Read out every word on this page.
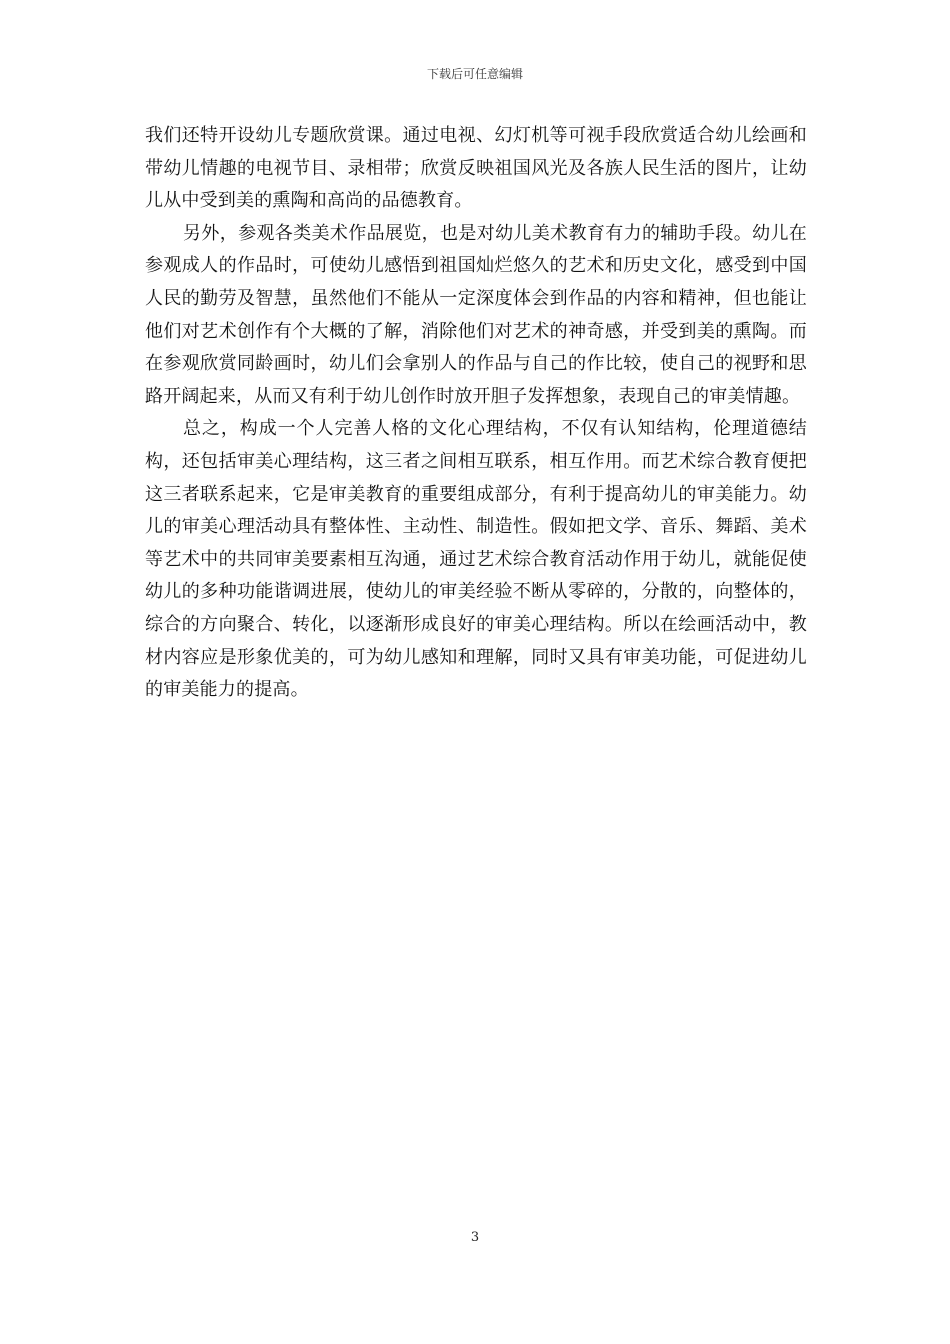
下载后可任意编辑

我们还特开设幼儿专题欣赏课。通过电视、幻灯机等可视手段欣赏适合幼儿绘画和带幼儿情趣的电视节目、录相带；欣赏反映祖国风光及各族人民生活的图片，让幼儿从中受到美的熏陶和高尚的品德教育。

另外，参观各类美术作品展览，也是对幼儿美术教育有力的辅助手段。幼儿在参观成人的作品时，可使幼儿感悟到祖国灿烂悠久的艺术和历史文化，感受到中国人民的勤劳及智慧，虽然他们不能从一定深度体会到作品的内容和精神，但也能让他们对艺术创作有个大概的了解，消除他们对艺术的神奇感，并受到美的熏陶。而在参观欣赏同龄画时，幼儿们会拿别人的作品与自己的作比较，使自己的视野和思路开阔起来，从而又有利于幼儿创作时放开胆子发挥想象，表现自己的审美情趣。

总之，构成一个人完善人格的文化心理结构，不仅有认知结构，伦理道德结构，还包括审美心理结构，这三者之间相互联系，相互作用。而艺术综合教育便把这三者联系起来，它是审美教育的重要组成部分，有利于提高幼儿的审美能力。幼儿的审美心理活动具有整体性、主动性、制造性。假如把文学、音乐、舞蹈、美术等艺术中的共同审美要素相互沟通，通过艺术综合教育活动作用于幼儿，就能促使幼儿的多种功能谐调进展，使幼儿的审美经验不断从零碎的，分散的，向整体的，综合的方向聚合、转化，以逐渐形成良好的审美心理结构。所以在绘画活动中，教材内容应是形象优美的，可为幼儿感知和理解，同时又具有审美功能，可促进幼儿的审美能力的提高。

3
